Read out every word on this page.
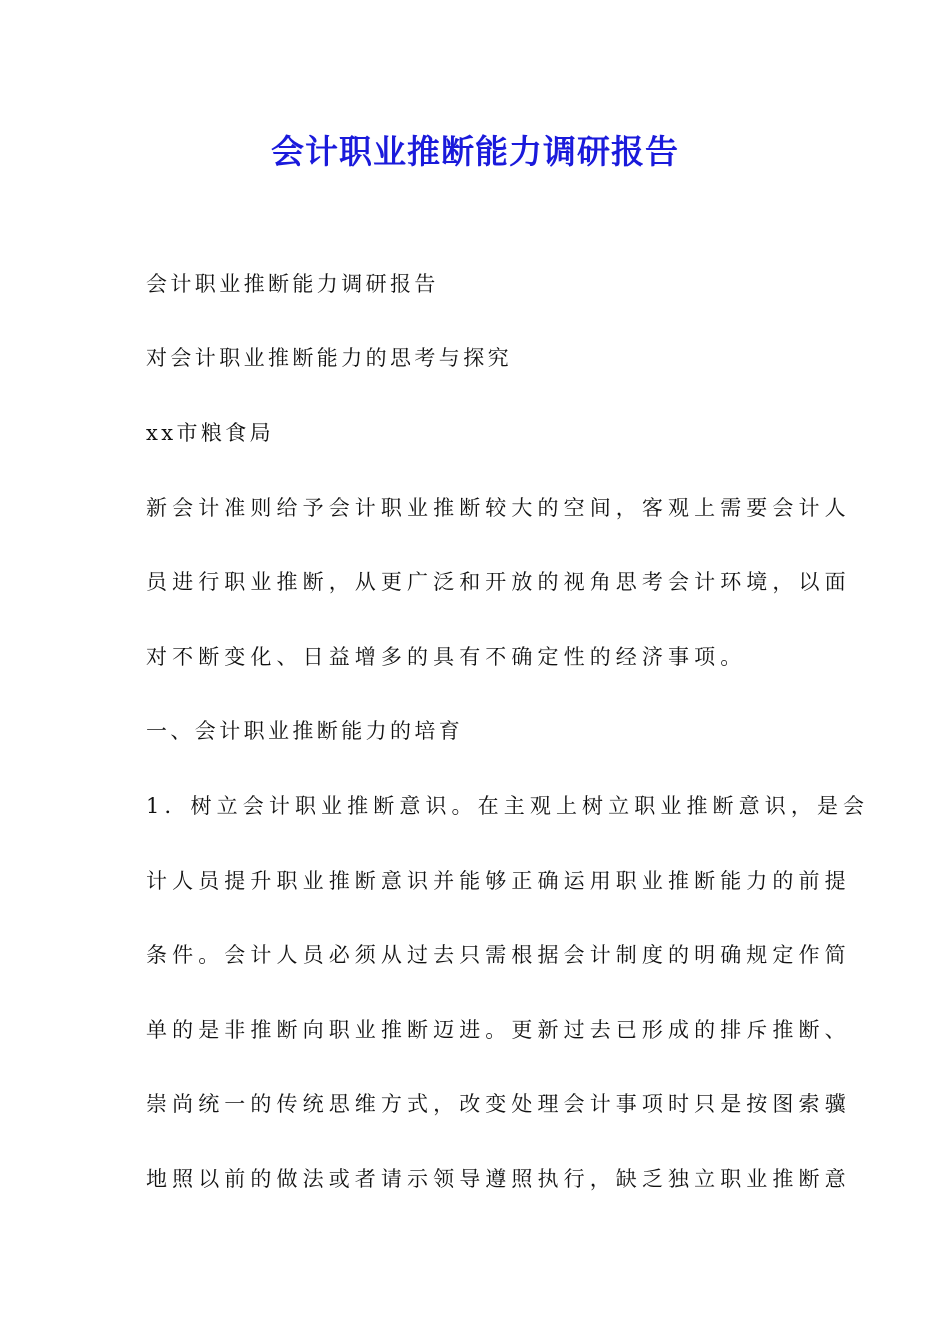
会计职业推断能力调研报告
会计职业推断能力调研报告
对会计职业推断能力的思考与探究
xx市粮食局
新会计准则给予会计职业推断较大的空间，客观上需要会计人
员进行职业推断，从更广泛和开放的视角思考会计环境，以面
对不断变化、日益增多的具有不确定性的经济事项。
一、会计职业推断能力的培育
1．树立会计职业推断意识。在主观上树立职业推断意识，是会
计人员提升职业推断意识并能够正确运用职业推断能力的前提
条件。会计人员必须从过去只需根据会计制度的明确规定作简
单的是非推断向职业推断迈进。更新过去已形成的排斥推断、
崇尚统一的传统思维方式，改变处理会计事项时只是按图索骥
地照以前的做法或者请示领导遵照执行，缺乏独立职业推断意
